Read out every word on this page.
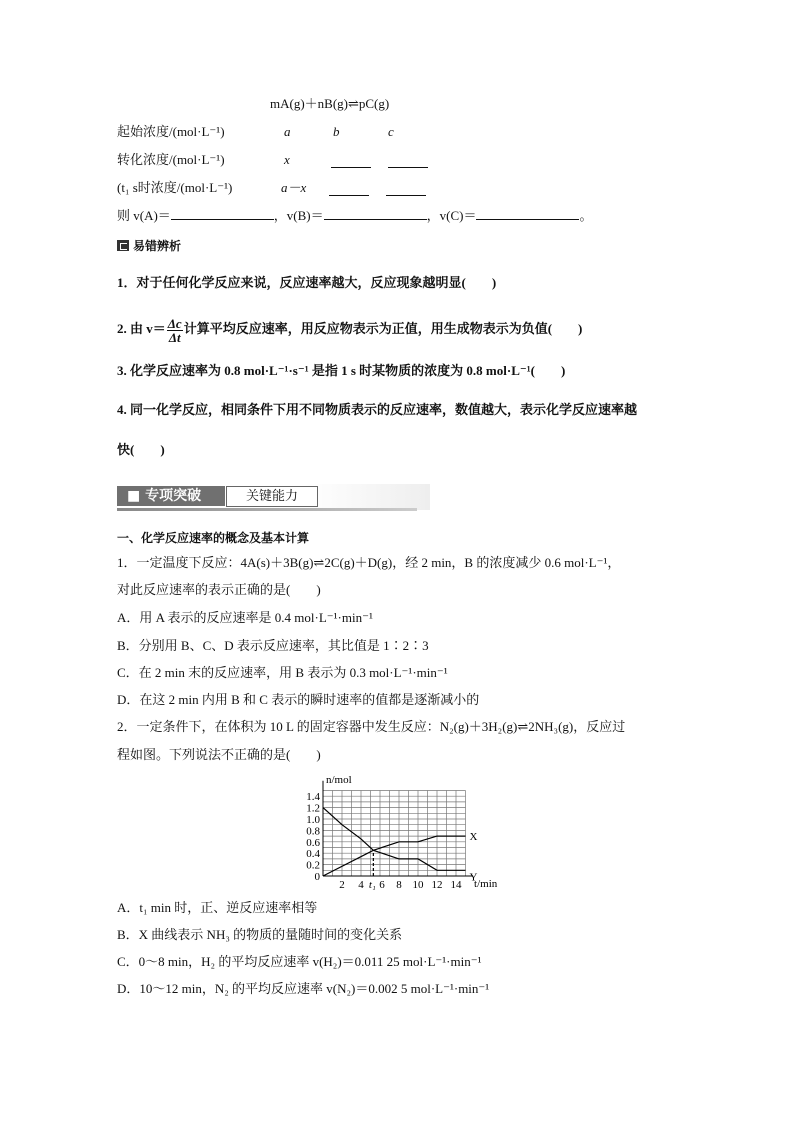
mA(g)＋nB(g)⇌pC(g)
起始浓度/(mol·L⁻¹)	a	b	c
转化浓度/(mol·L⁻¹)	x
(t₁ s时浓度/(mol·L⁻¹)	a－x
则 v(A)＝	，v(B)＝	，v(C)＝	。
易错辨析
1．对于任何化学反应来说，反应速率越大，反应现象越明显(　　)
2. 由 $v= \frac{\Delta c}{\Delta t}$ 计算平均反应速率，用反应物表示为正值，用生成物表示为负值(　　)
3. 化学反应速率为 0.8 mol·L⁻¹·s⁻¹ 是指 1 s 时某物质的浓度为 0.8 mol·L⁻¹(　　)
4. 同一化学反应，相同条件下用不同物质表示的反应速率，数值越大，表示化学反应速率越
快(　　)
■ 专项突破	关键能力
一、化学反应速率的概念及基本计算
1．一定温度下反应：4A(s)＋3B(g)⇌2C(g)＋D(g)，经 2 min，B 的浓度减少 0.6 mol·L⁻¹，
对此反应速率的表示正确的是(　　)
A．用 A 表示的反应速率是 0.4 mol·L⁻¹·min⁻¹
B．分别用 B、C、D 表示反应速率，其比值是 1∶2∶3
C．在 2 min 末的反应速率，用 B 表示为 0.3 mol·L⁻¹·min⁻¹
D．在这 2 min 内用 B 和 C 表示的瞬时速率的值都是逐渐减小的
2．一定条件下，在体积为 10 L 的固定容器中发生反应：N₂(g)＋3H₂(g)⇌2NH₃(g)，反应过
程如图。下列说法不正确的是(　　)
n/mol
t/min
0
0.2
0.4
0.6
0.8
1.0
1.2
1.4
2 4 t₁ 6 8 10 12 14
X
Y
A．t₁ min 时，正、逆反应速率相等
B．X 曲线表示 NH₃ 的物质的量随时间的变化关系
C．0～8 min，H₂ 的平均反应速率 v(H₂)＝0.011 25 mol·L⁻¹·min⁻¹
D．10～12 min，N₂ 的平均反应速率 v(N₂)＝0.002 5 mol·L⁻¹·min⁻¹
